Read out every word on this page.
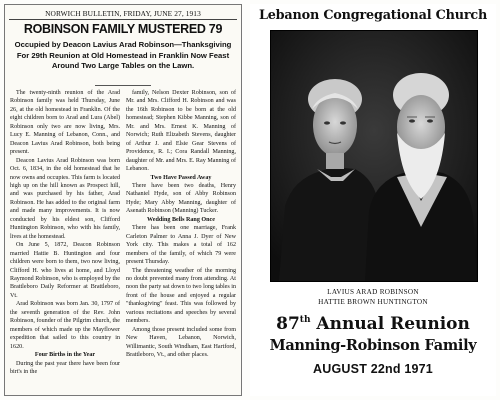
NORWICH BULLETIN, FRIDAY, JUNE 27, 1913
ROBINSON FAMILY MUSTERED 79
Occupied by Deacon Lavius Arad Robinson—Thanksgiving For 29th Reunion at Old Homestead in Franklin Now Feast Around Two Large Tables on the Lawn.

The twenty-ninth reunion of the Arad Robinson family was held Thursday, June 26, at the old homestead in Franklin. Of the eight children born to Arad and Lura (Abel) Robinson only two are now living, Mrs. Lucy E. Manning of Lebanon, Conn., and Deacon Lavius Arad Robinson, both being present.

Deacon Lavius Arad Robinson was born Oct. 6, 1834, in the old homestead that he now owns and occupies. This farm is located high up on the hill known as Prospect hill, and was purchased by his father, Arad Robinson. He has added to the original farm and made many improvements. It is now conducted by his eldest son, Clifford Huntington Robinson, who with his family, lives at the homestead.

On June 5, 1872, Deacon Robinson married Hattie B. Huntington and four children were born to them, two now living, Clifford H. who lives at home, and Lloyd Raymond Robinson, who is employed by the Brattleboro Daily Reformer at Brattleboro, Vt.

Arad Robinson was born Jan. 30, 1797 of the seventh generation of the Rev. John Robinson, founder of the Pilgrim church, the members of which made up the Mayflower expedition that sailed to this country in 1620.

Four Births in the Year

During the past year there have been four birt's in the

family, Nelson Dexter Robinson, son of Mr. and Mrs. Clifford H. Robinson and was the 16th Robinson to be born at the old homestead; Stephen Kibbe Manning, son of Mr. and Mrs. Ernest K. Manning of Norwich; Ruth Elizabeth Stevens, daughter of Arthur J. and Elsie Gear Stevens of Providence, R. I.; Cora Randall Manning, daughter of Mr. and Mrs. E. Ray Manning of Lebanon.

Two Have Passed Away

There have been two deaths, Henry Nathaniel Hyde, son of Abby Robinson Hyde; Mary Abby Manning, daughter of Asenath Robinson (Manning) Tucker.

Wedding Bells Rang Once

There has been one marriage, Frank Carleton Palmer to Anna J. Dyer of New York city. This makes a total of 162 members of the family, of which 79 were present Thursday.

The threatening weather of the morning no doubt prevented many from attending. At noon the party sat down to two long tables in front of the house and enjoyed a regular "thanksgiving" feast. This was followed by various recitations and speeches by several members.

Among those present included some from New Haven, Lebanon, Norwich, Willimantic, South Windham, East Hartford, Brattleboro, Vt., and other places.

Lebanon Congregational Church
LAVIUS ARAD ROBINSON
HATTIE BROWN HUNTINGTON
87th Annual Reunion
Manning-Robinson Family
AUGUST 22nd 1971
